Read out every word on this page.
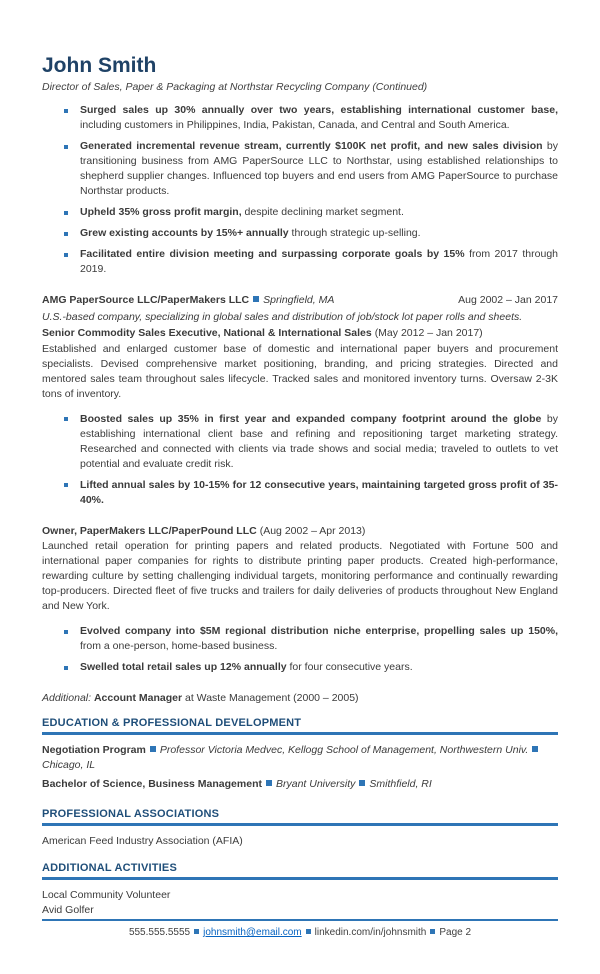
John Smith
Director of Sales, Paper & Packaging at Northstar Recycling Company (Continued)
Surged sales up 30% annually over two years, establishing international customer base, including customers in Philippines, India, Pakistan, Canada, and Central and South America.
Generated incremental revenue stream, currently $100K net profit, and new sales division by transitioning business from AMG PaperSource LLC to Northstar, using established relationships to shepherd supplier changes. Influenced top buyers and end users from AMG PaperSource to purchase Northstar products.
Upheld 35% gross profit margin, despite declining market segment.
Grew existing accounts by 15%+ annually through strategic up-selling.
Facilitated entire division meeting and surpassing corporate goals by 15% from 2017 through 2019.
AMG PaperSource LLC/PaperMakers LLC Springfield, MA	Aug 2002 – Jan 2017
U.S.-based company, specializing in global sales and distribution of job/stock lot paper rolls and sheets.
Senior Commodity Sales Executive, National & International Sales (May 2012 – Jan 2017)

Established and enlarged customer base of domestic and international paper buyers and procurement specialists. Devised comprehensive market positioning, branding, and pricing strategies. Directed and mentored sales team throughout sales lifecycle. Tracked sales and monitored inventory turns. Oversaw 2-3K tons of inventory.

Boosted sales up 35% in first year and expanded company footprint around the globe by establishing international client base and refining and repositioning target marketing strategy. Researched and connected with clients via trade shows and social media; traveled to outlets to vet potential and evaluate credit risk.
Lifted annual sales by 10-15% for 12 consecutive years, maintaining targeted gross profit of 35-40%.
Owner, PaperMakers LLC/PaperPound LLC (Aug 2002 – Apr 2013)

Launched retail operation for printing papers and related products. Negotiated with Fortune 500 and international paper companies for rights to distribute printing paper products. Created high-performance, rewarding culture by setting challenging individual targets, monitoring performance and continually rewarding top-producers. Directed fleet of five trucks and trailers for daily deliveries of products throughout New England and New York.

Evolved company into $5M regional distribution niche enterprise, propelling sales up 150%, from a one-person, home-based business.
Swelled total retail sales up 12% annually for four consecutive years.
Additional: Account Manager at Waste Management (2000 – 2005)
EDUCATION & PROFESSIONAL DEVELOPMENT
Negotiation Program Professor Victoria Medvec, Kellogg School of Management, Northwestern Univ.Chicago, IL
Bachelor of Science, Business Management Bryant University Smithfield, RI
PROFESSIONAL ASSOCIATIONS
American Feed Industry Association (AFIA)
ADDITIONAL ACTIVITIES
Local Community Volunteer
Avid Golfer
555.555.5555 johnsmith@email.com linkedin.com/in/johnsmith Page 2
